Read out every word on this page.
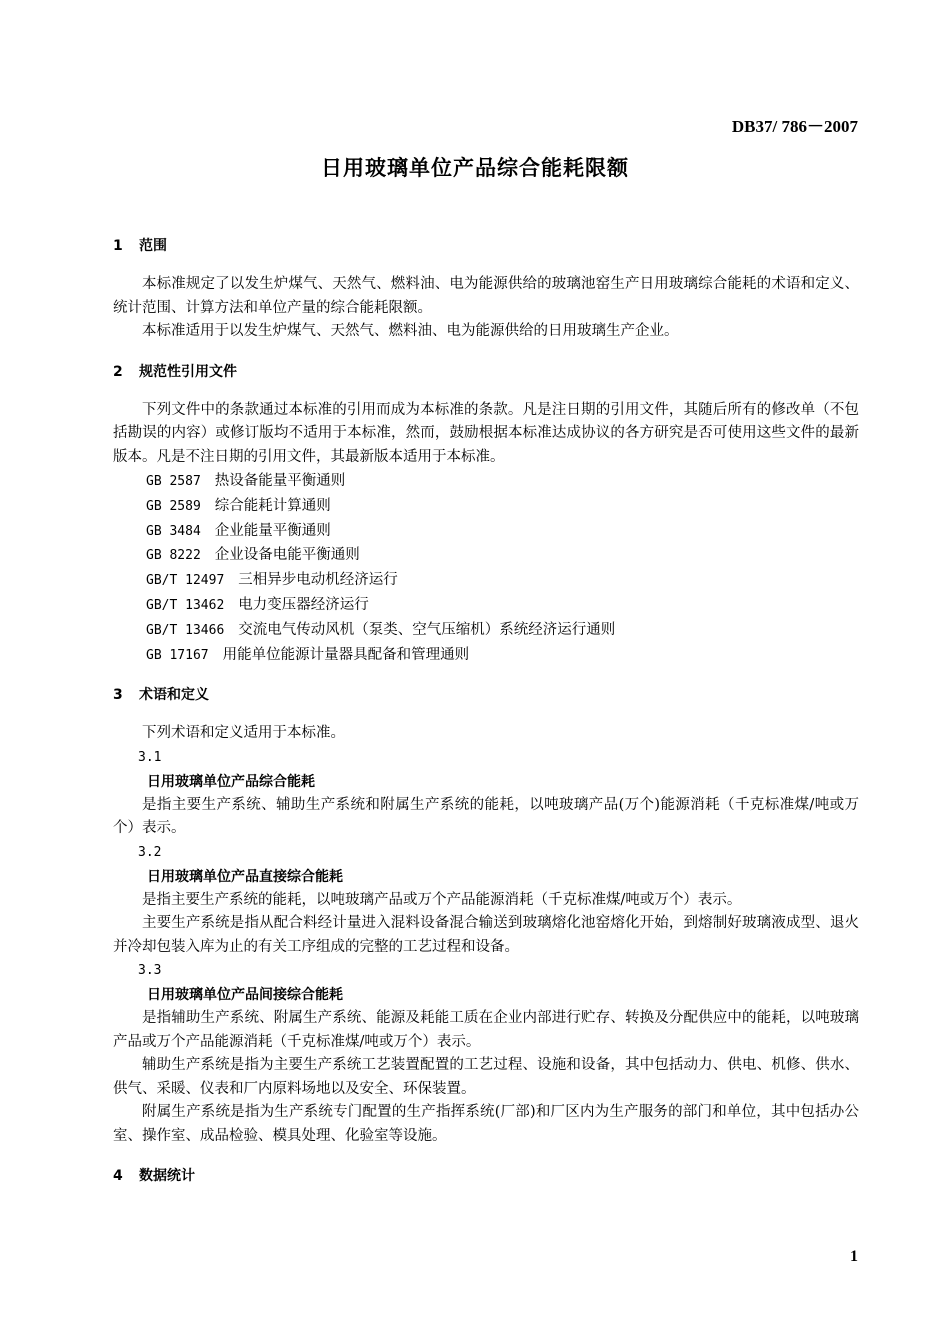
DB37/ 786－2007
日用玻璃单位产品综合能耗限额
1 范围
本标准规定了以发生炉煤气、天然气、燃料油、电为能源供给的玻璃池窑生产日用玻璃综合能耗的术语和定义、统计范围、计算方法和单位产量的综合能耗限额。
本标准适用于以发生炉煤气、天然气、燃料油、电为能源供给的日用玻璃生产企业。
2 规范性引用文件
下列文件中的条款通过本标准的引用而成为本标准的条款。凡是注日期的引用文件，其随后所有的修改单（不包括勘误的内容）或修订版均不适用于本标准，然而，鼓励根据本标准达成协议的各方研究是否可使用这些文件的最新版本。凡是不注日期的引用文件，其最新版本适用于本标准。
GB 2587 热设备能量平衡通则
GB 2589 综合能耗计算通则
GB 3484 企业能量平衡通则
GB 8222 企业设备电能平衡通则
GB/T 12497 三相异步电动机经济运行
GB/T 13462 电力变压器经济运行
GB/T 13466 交流电气传动风机（泵类、空气压缩机）系统经济运行通则
GB 17167 用能单位能源计量器具配备和管理通则
3 术语和定义
下列术语和定义适用于本标准。
3.1
日用玻璃单位产品综合能耗
是指主要生产系统、辅助生产系统和附属生产系统的能耗，以吨玻璃产品(万个)能源消耗（千克标准煤/吨或万个）表示。
3.2
日用玻璃单位产品直接综合能耗
是指主要生产系统的能耗，以吨玻璃产品或万个产品能源消耗（千克标准煤/吨或万个）表示。
主要生产系统是指从配合料经计量进入混料设备混合输送到玻璃熔化池窑熔化开始，到熔制好玻璃液成型、退火并冷却包装入库为止的有关工序组成的完整的工艺过程和设备。
3.3
日用玻璃单位产品间接综合能耗
是指辅助生产系统、附属生产系统、能源及耗能工质在企业内部进行贮存、转换及分配供应中的能耗，以吨玻璃产品或万个产品能源消耗（千克标准煤/吨或万个）表示。
辅助生产系统是指为主要生产系统工艺装置配置的工艺过程、设施和设备，其中包括动力、供电、机修、供水、供气、采暖、仪表和厂内原料场地以及安全、环保装置。
附属生产系统是指为生产系统专门配置的生产指挥系统(厂部)和厂区内为生产服务的部门和单位，其中包括办公室、操作室、成品检验、模具处理、化验室等设施。
4 数据统计
1
